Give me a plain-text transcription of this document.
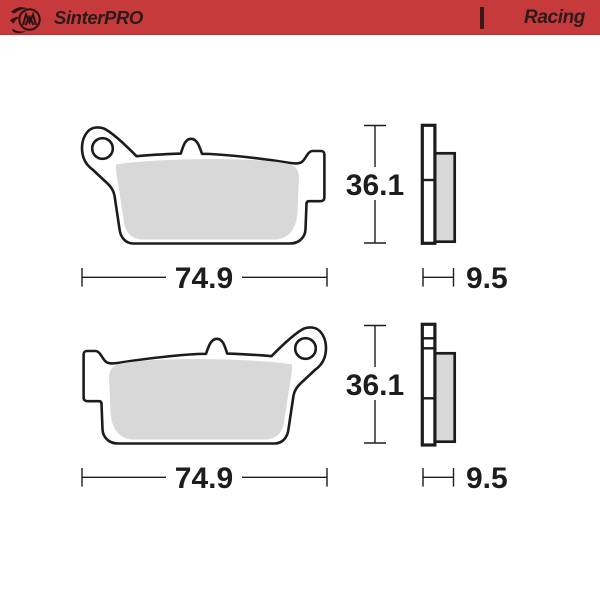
SinterPRO	Racing
36.1
74.9	9.5
36.1
74.9	9.5
